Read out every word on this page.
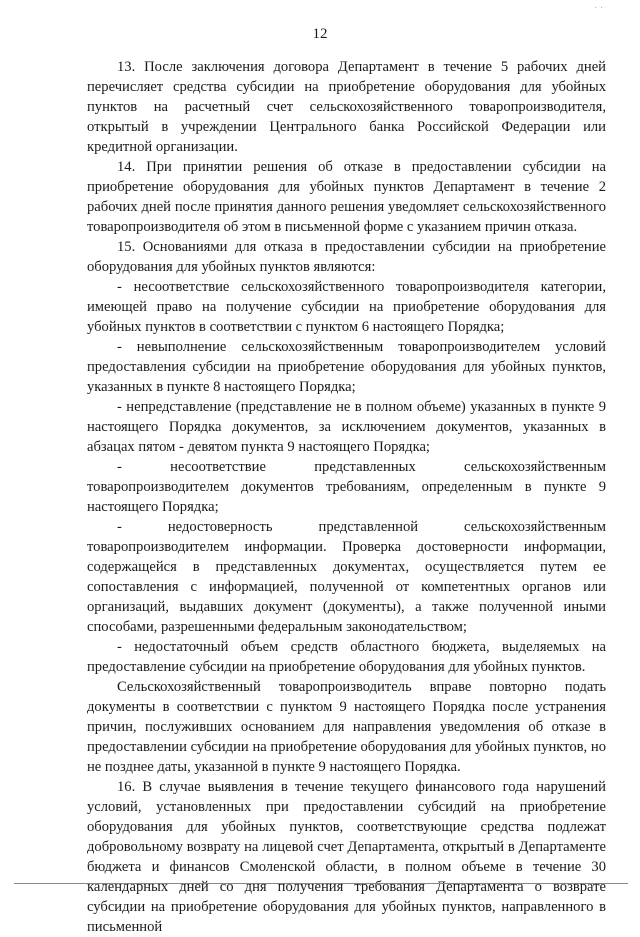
˙ ˙
12

13. После заключения договора Департамент в течение 5 рабочих дней перечисляет средства субсидии на приобретение оборудования для убойных пунктов на расчетный счет сельскохозяйственного товаропроизводителя, открытый в учреждении Центрального банка Российской Федерации или кредитной организации.

14. При принятии решения об отказе в предоставлении субсидии на приобретение оборудования для убойных пунктов Департамент в течение 2 рабочих дней после принятия данного решения уведомляет сельскохозяйственного товаропроизводителя об этом в письменной форме с указанием причин отказа.

15. Основаниями для отказа в предоставлении субсидии на приобретение оборудования для убойных пунктов являются:

- несоответствие сельскохозяйственного товаропроизводителя категории, имеющей право на получение субсидии на приобретение оборудования для убойных пунктов в соответствии с пунктом 6 настоящего Порядка;

- невыполнение сельскохозяйственным товаропроизводителем условий предоставления субсидии на приобретение оборудования для убойных пунктов, указанных в пункте 8 настоящего Порядка;

- непредставление (представление не в полном объеме) указанных в пункте 9 настоящего Порядка документов, за исключением документов, указанных в абзацах пятом - девятом пункта 9 настоящего Порядка;

- несоответствие представленных сельскохозяйственным товаропроизводителем документов требованиям, определенным в пункте 9 настоящего Порядка;

- недостоверность представленной сельскохозяйственным товаропроизводителем информации. Проверка достоверности информации, содержащейся в представленных документах, осуществляется путем ее сопоставления с информацией, полученной от компетентных органов или организаций, выдавших документ (документы), а также полученной иными способами, разрешенными федеральным законодательством;

- недостаточный объем средств областного бюджета, выделяемых на предоставление субсидии на приобретение оборудования для убойных пунктов.

Сельскохозяйственный товаропроизводитель вправе повторно подать документы в соответствии с пунктом 9 настоящего Порядка после устранения причин, послуживших основанием для направления уведомления об отказе в предоставлении субсидии на приобретение оборудования для убойных пунктов, но не позднее даты, указанной в пункте 9 настоящего Порядка.

16. В случае выявления в течение текущего финансового года нарушений условий, установленных при предоставлении субсидий на приобретение оборудования для убойных пунктов, соответствующие средства подлежат добровольному возврату на лицевой счет Департамента, открытый в Департаменте бюджета и финансов Смоленской области, в полном объеме в течение 30 календарных дней со дня получения требования Департамента о возврате субсидии на приобретение оборудования для убойных пунктов, направленного в письменной
